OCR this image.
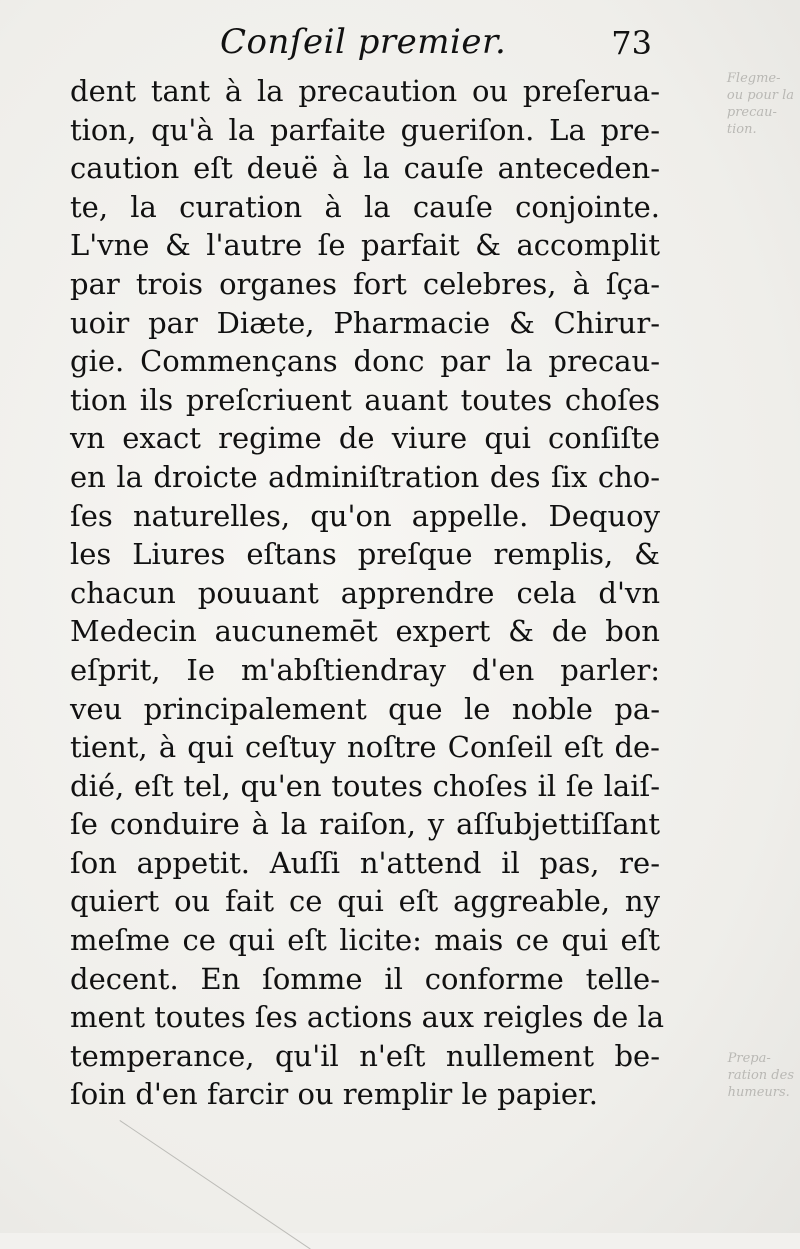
Conſeil premier.	73
dent tant à la precaution ou preſerua-
tion, qu'à la parfaite gueriſon. La pre-
caution eſt deuë à la cauſe anteceden-
te, la curation à la cauſe conjointe.
L'vne & l'autre ſe parfait & accomplit
par trois organes fort celebres, à ſça-
uoir par Diæte, Pharmacie & Chirur-
gie. Commençans donc par la precau-
tion ils preſcriuent auant toutes choſes
vn exact regime de viure qui conſiſte
en la droicte adminiſtration des ſix cho-
ſes naturelles, qu'on appelle. Dequoy
les Liures eſtans preſque remplis, &
chacun pouuant apprendre cela d'vn
Medecin aucunemēt expert & de bon
eſprit, Ie m'abſtiendray d'en parler:
veu principalement que le noble pa-
tient, à qui ceſtuy noſtre Conſeil eſt de-
dié, eſt tel, qu'en toutes choſes il ſe laiſ-
ſe conduire à la raiſon, y aſſubjettiſſant
ſon appetit. Auſſi n'attend il pas, re-
quiert ou fait ce qui eſt aggreable, ny
meſme ce qui eſt licite: mais ce qui eſt
decent. En ſomme il conforme telle-
ment toutes ſes actions aux reigles de la
temperance, qu'il n'eſt nullement be-
ſoin d'en farcir ou remplir le papier.
Flegme-
ou pour la
precau-
tion.
Prepa-
ration des
humeurs.
